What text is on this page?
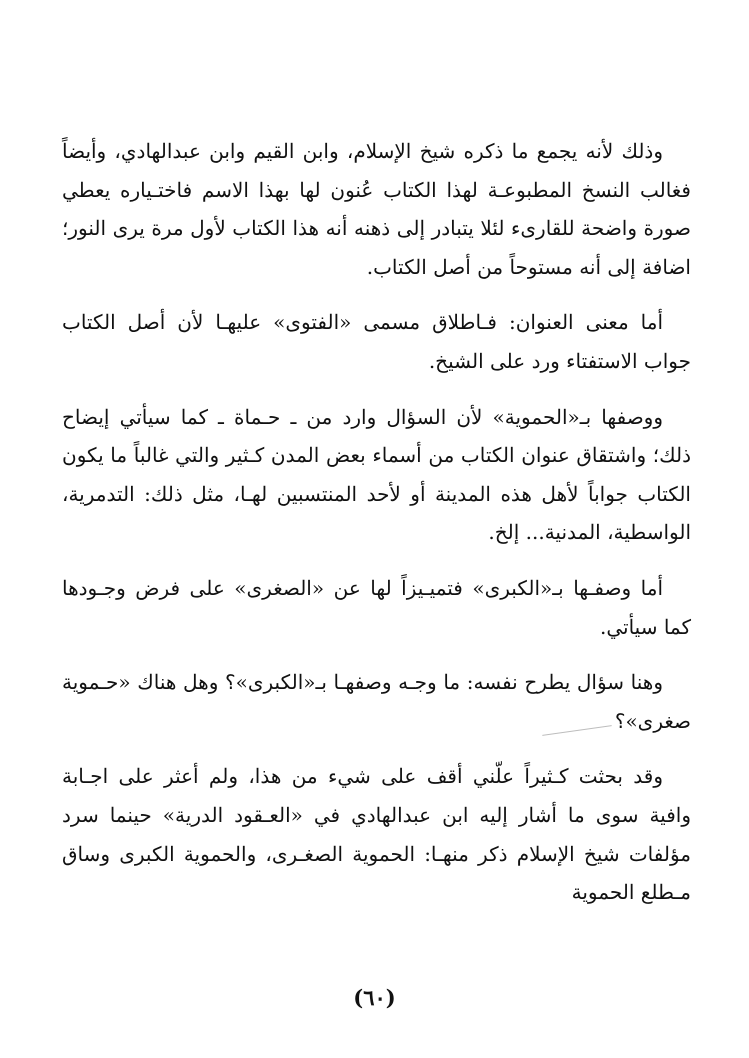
وذلك لأنه يجمع ما ذكره شيخ الإسلام، وابن القيم وابن عبدالهادي، وأيضاً فغالب النسخ المطبوعـة لهذا الكتاب عُنون لها بهذا الاسم فاختـياره يعطي صورة واضحة للقارىء لئلا يتبادر إلى ذهنه أنه هذا الكتاب لأول مرة يرى النور؛ اضافة إلى أنه مستوحاً من أصل الكتاب.

أما معنى العنوان: فـاطلاق مسمى «الفتوى» عليهـا لأن أصل الكتاب جواب الاستفتاء ورد على الشيخ.

ووصفها بـ«الحموية» لأن السؤال وارد من ـ حـماة ـ كما سيأتي إيضاح ذلك؛ واشتقاق عنوان الكتاب من أسماء بعض المدن كـثير والتي غالباً ما يكون الكتاب جواباً لأهل هذه المدينة أو لأحد المنتسبين لهـا، مثل ذلك: التدمرية، الواسطية، المدنية... إلخ.

أما وصفـها بـ«الكبرى» فتميـيزاً لها عن «الصغرى» على فرض وجـودها كما سيأتي.

وهنا سؤال يطرح نفسه: ما وجـه وصفهـا بـ«الكبرى»؟ وهل هناك «حـموية صغرى»؟

وقد بحثت كـثيراً علّني أقف على شيء من هذا، ولم أعثر على اجـابة وافية سوى ما أشار إليه ابن عبدالهادي في «العـقود الدرية» حينما سرد مؤلفات شيخ الإسلام ذكر منهـا: الحموية الصغـرى، والحموية الكبرى وساق مـطلع الحموية

(٦٠)
